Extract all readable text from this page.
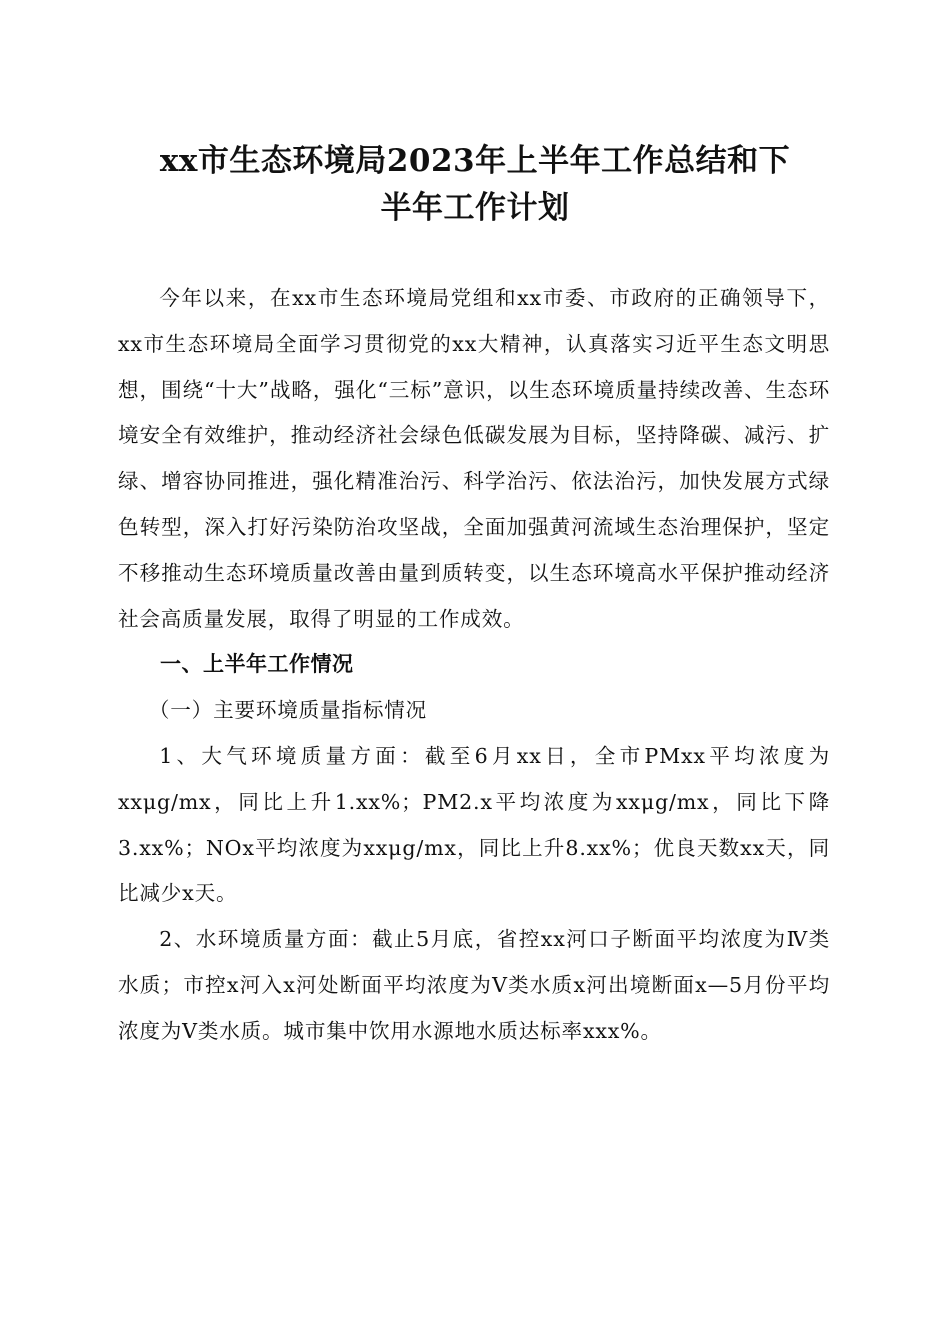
xx市生态环境局2023年上半年工作总结和下
半年工作计划

今年以来，在xx市生态环境局党组和xx市委、市政府的正确领导下，xx市生态环境局全面学习贯彻党的xx大精神，认真落实习近平生态文明思想，围绕“十大”战略，强化“三标”意识，以生态环境质量持续改善、生态环境安全有效维护，推动经济社会绿色低碳发展为目标，坚持降碳、减污、扩绿、增容协同推进，强化精准治污、科学治污、依法治污，加快发展方式绿色转型，深入打好污染防治攻坚战，全面加强黄河流域生态治理保护，坚定不移推动生态环境质量改善由量到质转变，以生态环境高水平保护推动经济社会高质量发展，取得了明显的工作成效。

一、上半年工作情况

（一）主要环境质量指标情况

1、大气环境质量方面：截至6月xx日，全市PMxx平均浓度为xxμg/mx，同比上升1.xx%；PM2.x平均浓度为xxμg/mx，同比下降3.xx%；NOx平均浓度为xxμg/mx，同比上升8.xx%；优良天数xx天，同比减少x天。

2、水环境质量方面：截止5月底，省控xx河口子断面平均浓度为Ⅳ类水质；市控x河入x河处断面平均浓度为Ⅴ类水质x河出境断面x—5月份平均浓度为Ⅴ类水质。城市集中饮用水源地水质达标率xxx%。
